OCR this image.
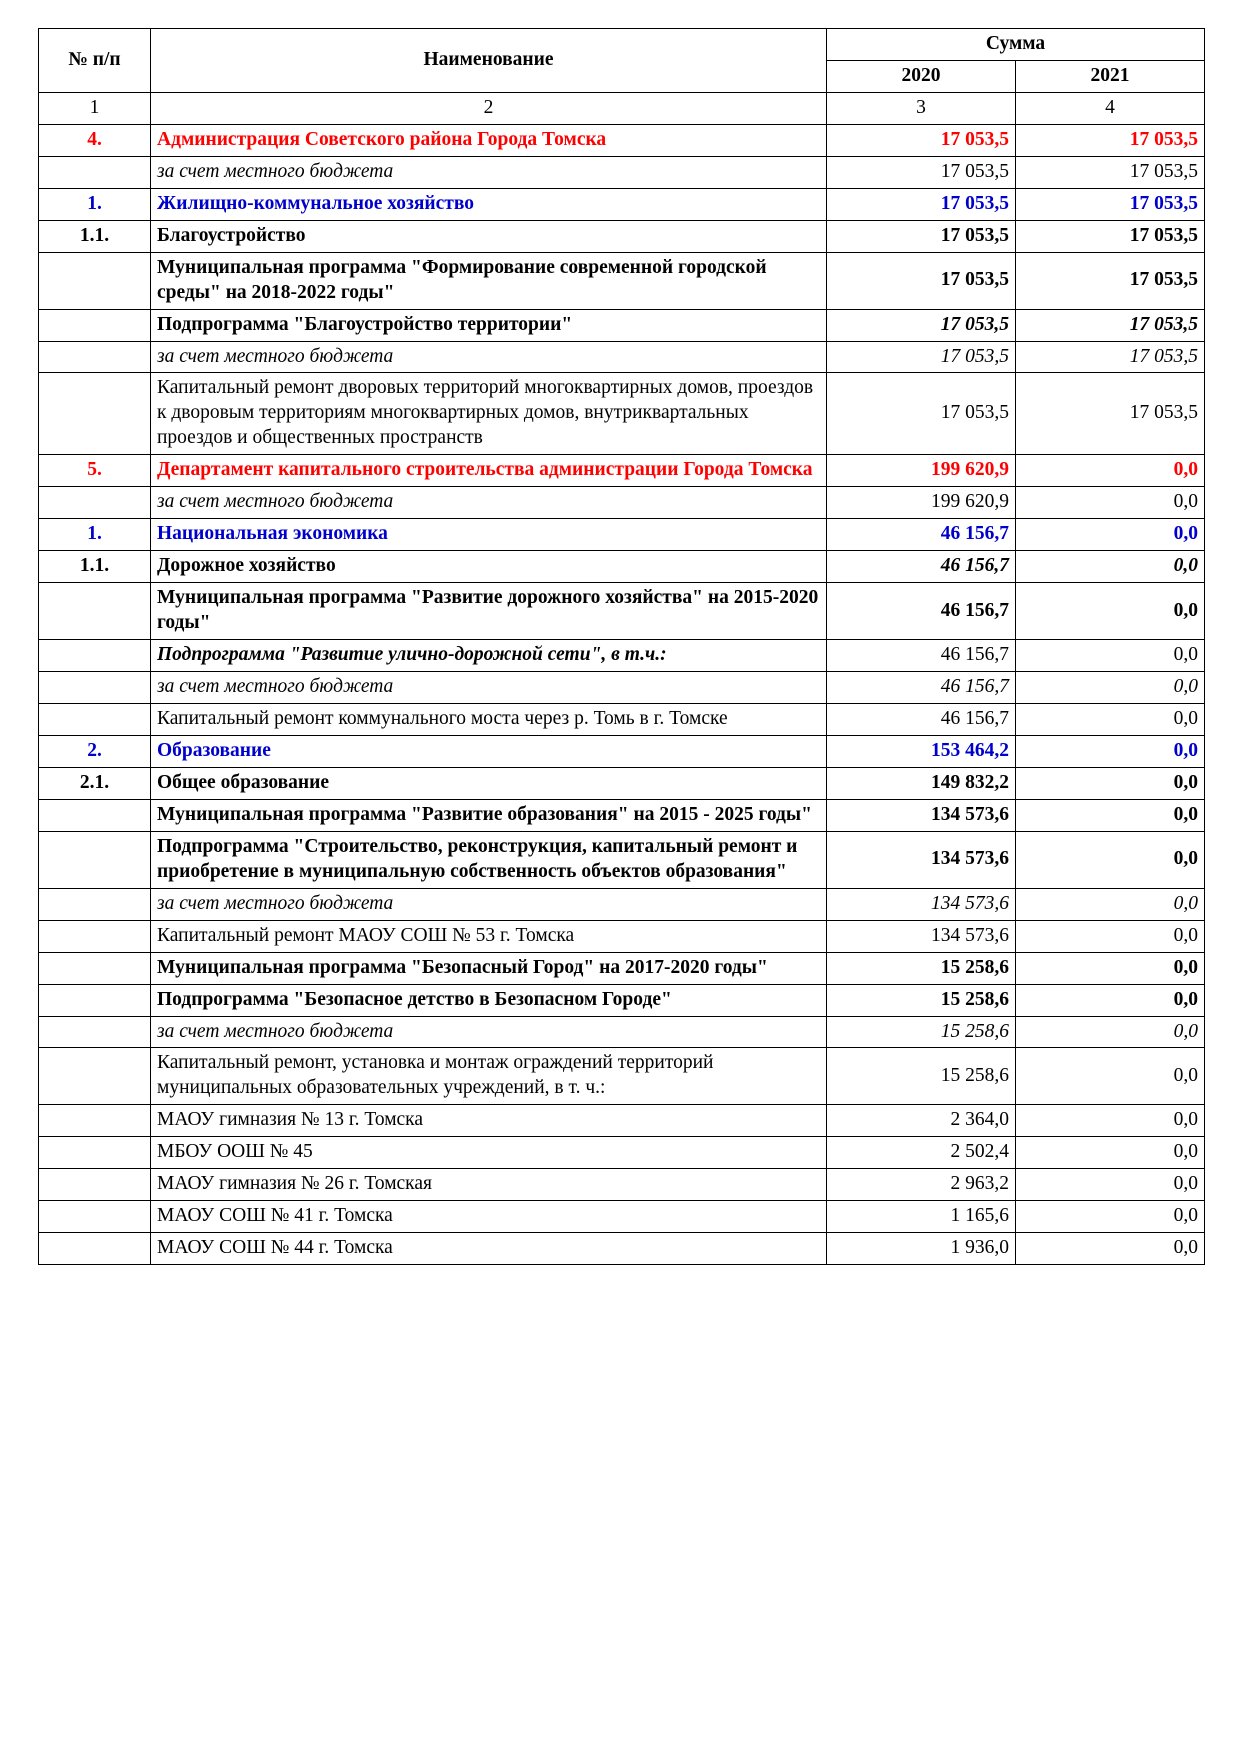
№ п/п	Наименование	Сумма	
		2020	2021
1	2	3	4
4.	Администрация Советского района Города Томска	17 053,5	17 053,5
	за счет местного бюджета	17 053,5	17 053,5
1.	Жилищно-коммунальное хозяйство	17 053,5	17 053,5
1.1.	Благоустройство	17 053,5	17 053,5
	Муниципальная программа "Формирование современной городской среды" на 2018-2022 годы"	17 053,5	17 053,5
	Подпрограмма "Благоустройство территории"	17 053,5	17 053,5
	за счет местного бюджета	17 053,5	17 053,5
	Капитальный ремонт дворовых территорий многоквартирных домов, проездов к дворовым территориям многоквартирных домов, внутриквартальных проездов и общественных пространств	17 053,5	17 053,5
5.	Департамент капитального строительства администрации Города Томска	199 620,9	0,0
	за счет местного бюджета	199 620,9	0,0
1.	Национальная экономика	46 156,7	0,0
1.1.	Дорожное хозяйство	46 156,7	0,0
	Муниципальная программа "Развитие дорожного хозяйства" на 2015-2020 годы"	46 156,7	0,0
	Подпрограмма "Развитие улично-дорожной сети", в т.ч.:	46 156,7	0,0
	за счет местного бюджета	46 156,7	0,0
	Капитальный ремонт коммунального моста через р. Томь в г. Томске	46 156,7	0,0
2.	Образование	153 464,2	0,0
2.1.	Общее образование	149 832,2	0,0
	Муниципальная программа "Развитие образования" на 2015 - 2025 годы"	134 573,6	0,0
	Подпрограмма "Строительство, реконструкция, капитальный ремонт и приобретение в муниципальную собственность объектов образования"	134 573,6	0,0
	за счет местного бюджета	134 573,6	0,0
	Капитальный ремонт МАОУ СОШ № 53 г. Томска	134 573,6	0,0
	Муниципальная программа "Безопасный Город" на 2017-2020 годы"	15 258,6	0,0
	Подпрограмма "Безопасное детство в Безопасном Городе"	15 258,6	0,0
	за счет местного бюджета	15 258,6	0,0
	Капитальный ремонт, установка и монтаж ограждений территорий муниципальных образовательных учреждений, в т. ч.:	15 258,6	0,0
	МАОУ гимназия № 13 г. Томска	2 364,0	0,0
	МБОУ ООШ № 45	2 502,4	0,0
	МАОУ гимназия № 26 г. Томская	2 963,2	0,0
	МАОУ СОШ № 41 г. Томска	1 165,6	0,0
	МАОУ СОШ № 44 г. Томска	1 936,0	0,0
